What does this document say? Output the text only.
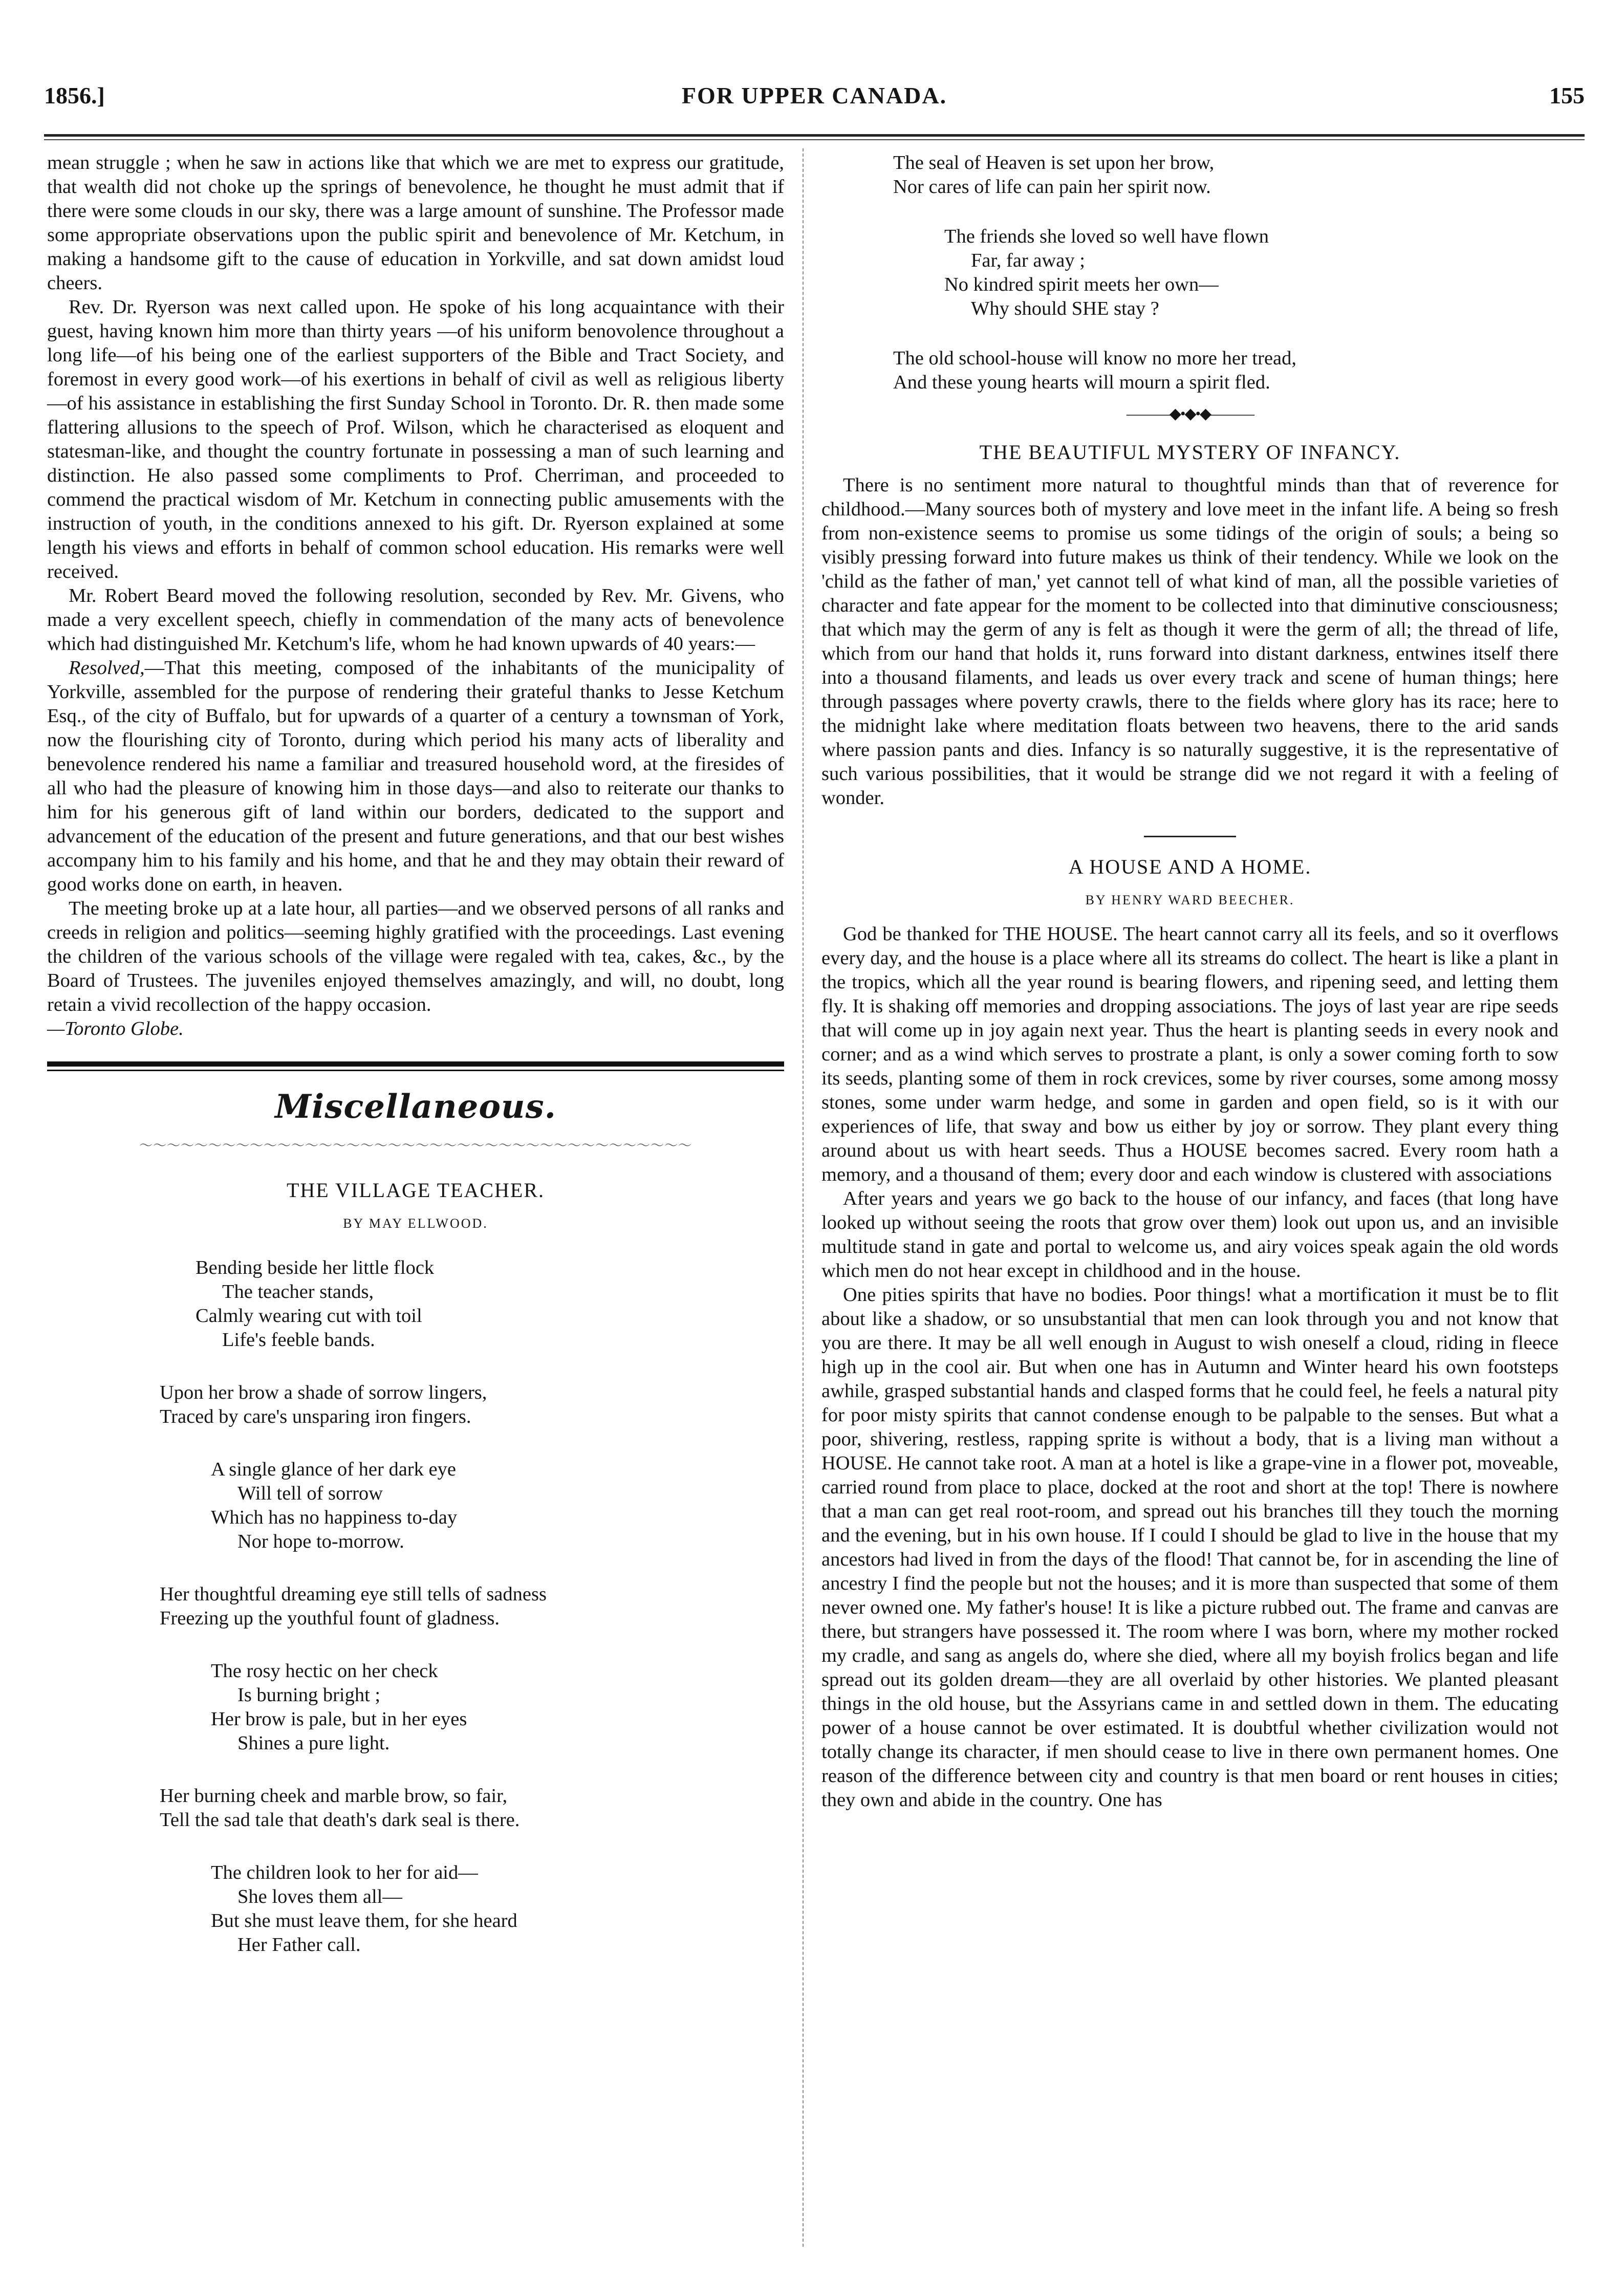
1856.]	FOR UPPER CANADA.	155

mean struggle ; when he saw in actions like that which we are met to express our gratitude, that wealth did not choke up the springs of benevolence, he thought he must admit that if there were some clouds in our sky, there was a large amount of sunshine. The Professor made some appropriate observations upon the public spirit and benevolence of Mr. Ketchum, in making a handsome gift to the cause of education in Yorkville, and sat down amidst loud cheers.

Rev. Dr. Ryerson was next called upon. He spoke of his long acquaintance with their guest, having known him more than thirty years —of his uniform benovolence throughout a long life—of his being one of the earliest supporters of the Bible and Tract Society, and foremost in every good work—of his exertions in behalf of civil as well as religious liberty—of his assistance in establishing the first Sunday School in Toronto. Dr. R. then made some flattering allusions to the speech of Prof. Wilson, which he characterised as eloquent and statesman-like, and thought the country fortunate in possessing a man of such learning and distinction. He also passed some compliments to Prof. Cherriman, and proceeded to commend the practical wisdom of Mr. Ketchum in connecting public amusements with the instruction of youth, in the conditions annexed to his gift. Dr. Ryerson explained at some length his views and efforts in behalf of common school education. His remarks were well received.

Mr. Robert Beard moved the following resolution, seconded by Rev. Mr. Givens, who made a very excellent speech, chiefly in commendation of the many acts of benevolence which had distinguished Mr. Ketchum's life, whom he had known upwards of 40 years:—

Resolved,—That this meeting, composed of the inhabitants of the municipality of Yorkville, assembled for the purpose of rendering their grateful thanks to Jesse Ketchum Esq., of the city of Buffalo, but for upwards of a quarter of a century a townsman of York, now the flourishing city of Toronto, during which period his many acts of liberality and benevolence rendered his name a familiar and treasured household word, at the firesides of all who had the pleasure of knowing him in those days—and also to reiterate our thanks to him for his generous gift of land within our borders, dedicated to the support and advancement of the education of the present and future generations, and that our best wishes accompany him to his family and his home, and that he and they may obtain their reward of good works done on earth, in heaven.

The meeting broke up at a late hour, all parties—and we observed persons of all ranks and creeds in religion and politics—seeming highly gratified with the proceedings. Last evening the children of the various schools of the village were regaled with tea, cakes, &c., by the Board of Trustees. The juveniles enjoyed themselves amazingly, and will, no doubt, long retain a vivid recollection of the happy occasion.
—Toronto Globe.

Miscellaneous.
〜〜〜〜〜〜〜〜〜〜〜〜〜〜〜〜〜〜〜〜〜〜〜〜〜〜〜〜〜〜〜〜〜〜〜〜〜〜〜〜
THE VILLAGE TEACHER.
BY MAY ELLWOOD.
Bending beside her little flock
The teacher stands,
Calmly wearing cut with toil
Life's feeble bands.
Upon her brow a shade of sorrow lingers,
Traced by care's unsparing iron fingers.
A single glance of her dark eye
Will tell of sorrow
Which has no happiness to-day
Nor hope to-morrow.
Her thoughtful dreaming eye still tells of sadness
Freezing up the youthful fount of gladness.
The rosy hectic on her check
Is burning bright ;
Her brow is pale, but in her eyes
Shines a pure light.
Her burning cheek and marble brow, so fair,
Tell the sad tale that death's dark seal is there.
The children look to her for aid—
She loves them all—
But she must leave them, for she heard
Her Father call.
The seal of Heaven is set upon her brow,
Nor cares of life can pain her spirit now.
The friends she loved so well have flown
Far, far away ;
No kindred spirit meets her own—
Why should SHE stay ?
The old school-house will know no more her tread,
And these young hearts will mourn a spirit fled.
———◆•◆•◆———
THE BEAUTIFUL MYSTERY OF INFANCY.

There is no sentiment more natural to thoughtful minds than that of reverence for childhood.—Many sources both of mystery and love meet in the infant life. A being so fresh from non-existence seems to promise us some tidings of the origin of souls; a being so visibly pressing forward into future makes us think of their tendency. While we look on the 'child as the father of man,' yet cannot tell of what kind of man, all the possible varieties of character and fate appear for the moment to be collected into that diminutive consciousness; that which may the germ of any is felt as though it were the germ of all; the thread of life, which from our hand that holds it, runs forward into distant darkness, entwines itself there into a thousand filaments, and leads us over every track and scene of human things; here through passages where poverty crawls, there to the fields where glory has its race; here to the midnight lake where meditation floats between two heavens, there to the arid sands where passion pants and dies. Infancy is so naturally suggestive, it is the representative of such various possibilities, that it would be strange did we not regard it with a feeling of wonder.

A HOUSE AND A HOME.
BY HENRY WARD BEECHER.

God be thanked for THE HOUSE. The heart cannot carry all its feels, and so it overflows every day, and the house is a place where all its streams do collect. The heart is like a plant in the tropics, which all the year round is bearing flowers, and ripening seed, and letting them fly. It is shaking off memories and dropping associations. The joys of last year are ripe seeds that will come up in joy again next year. Thus the heart is planting seeds in every nook and corner; and as a wind which serves to prostrate a plant, is only a sower coming forth to sow its seeds, planting some of them in rock crevices, some by river courses, some among mossy stones, some under warm hedge, and some in garden and open field, so is it with our experiences of life, that sway and bow us either by joy or sorrow. They plant every thing around about us with heart seeds. Thus a HOUSE becomes sacred. Every room hath a memory, and a thousand of them; every door and each window is clustered with associations

After years and years we go back to the house of our infancy, and faces (that long have looked up without seeing the roots that grow over them) look out upon us, and an invisible multitude stand in gate and portal to welcome us, and airy voices speak again the old words which men do not hear except in childhood and in the house.

One pities spirits that have no bodies. Poor things! what a mortification it must be to flit about like a shadow, or so unsubstantial that men can look through you and not know that you are there. It may be all well enough in August to wish oneself a cloud, riding in fleece high up in the cool air. But when one has in Autumn and Winter heard his own footsteps awhile, grasped substantial hands and clasped forms that he could feel, he feels a natural pity for poor misty spirits that cannot condense enough to be palpable to the senses. But what a poor, shivering, restless, rapping sprite is without a body, that is a living man without a HOUSE. He cannot take root. A man at a hotel is like a grape-vine in a flower pot, moveable, carried round from place to place, docked at the root and short at the top! There is nowhere that a man can get real root-room, and spread out his branches till they touch the morning and the evening, but in his own house. If I could I should be glad to live in the house that my ancestors had lived in from the days of the flood! That cannot be, for in ascending the line of ancestry I find the people but not the houses; and it is more than suspected that some of them never owned one. My father's house! It is like a picture rubbed out. The frame and canvas are there, but strangers have possessed it. The room where I was born, where my mother rocked my cradle, and sang as angels do, where she died, where all my boyish frolics began and life spread out its golden dream—they are all overlaid by other histories. We planted pleasant things in the old house, but the Assyrians came in and settled down in them. The educating power of a house cannot be over estimated. It is doubtful whether civilization would not totally change its character, if men should cease to live in there own permanent homes. One reason of the difference between city and country is that men board or rent houses in cities; they own and abide in the country. One has
